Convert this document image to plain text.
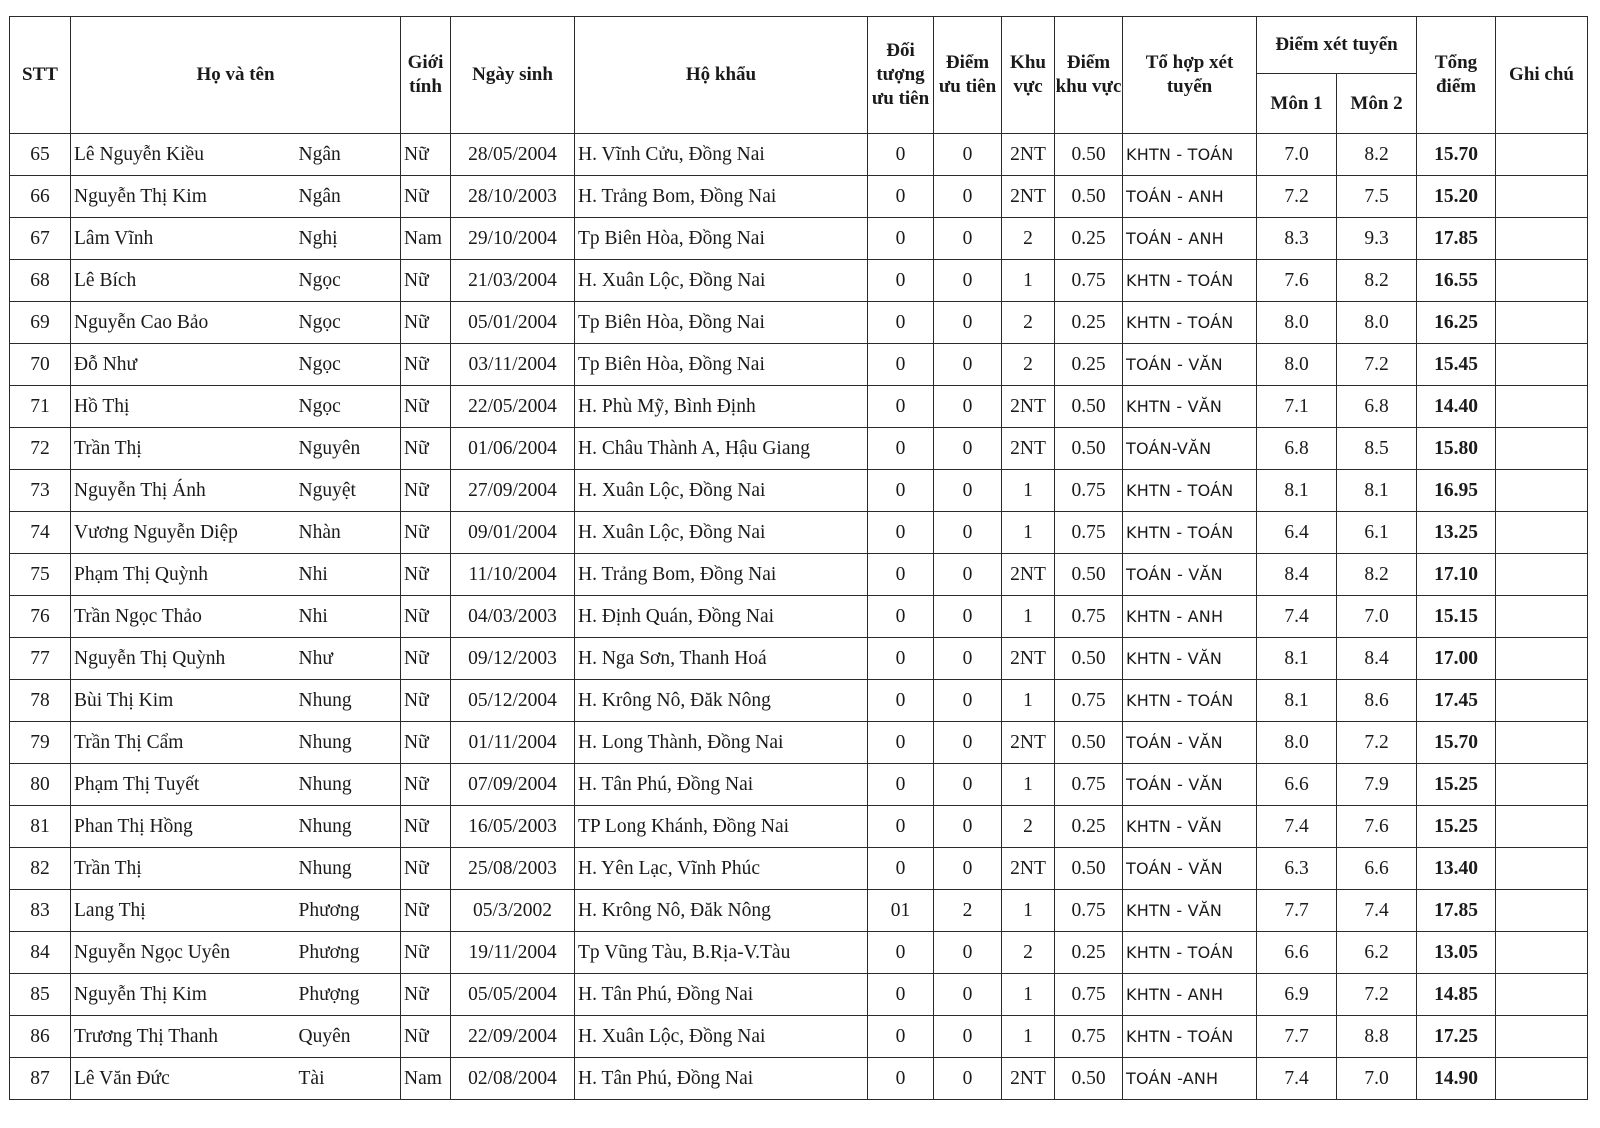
STT	Họ và tên		Giới tính	Ngày sinh	Hộ khẩu	Đối tượng ưu tiên	Điểm ưu tiên	Khu vực	Điểm khu vực	Tổ hợp xét tuyển	Điểm xét tuyển		Tổng điểm	Ghi chú
											Môn 1	Môn 2		
65	Lê Nguyễn Kiều	Ngân	Nữ	28/05/2004	H. Vĩnh Cửu, Đồng Nai	0	0	2NT	0.50	KHTN - TOÁN	7.0	8.2	15.70	
66	Nguyễn Thị Kim	Ngân	Nữ	28/10/2003	H. Trảng Bom, Đồng Nai	0	0	2NT	0.50	TOÁN - ANH	7.2	7.5	15.20	
67	Lâm Vĩnh	Nghị	Nam	29/10/2004	Tp Biên Hòa, Đồng Nai	0	0	2	0.25	TOÁN - ANH	8.3	9.3	17.85	
68	Lê Bích	Ngọc	Nữ	21/03/2004	H. Xuân Lộc, Đồng Nai	0	0	1	0.75	KHTN - TOÁN	7.6	8.2	16.55	
69	Nguyễn Cao Bảo	Ngọc	Nữ	05/01/2004	Tp Biên Hòa, Đồng Nai	0	0	2	0.25	KHTN - TOÁN	8.0	8.0	16.25	
70	Đỗ Như	Ngọc	Nữ	03/11/2004	Tp Biên Hòa, Đồng Nai	0	0	2	0.25	TOÁN - VĂN	8.0	7.2	15.45	
71	Hồ Thị	Ngọc	Nữ	22/05/2004	H. Phù Mỹ, Bình Định	0	0	2NT	0.50	KHTN - VĂN	7.1	6.8	14.40	
72	Trần Thị	Nguyên	Nữ	01/06/2004	H. Châu Thành A, Hậu Giang	0	0	2NT	0.50	TOÁN-VĂN	6.8	8.5	15.80	
73	Nguyễn Thị Ánh	Nguyệt	Nữ	27/09/2004	H. Xuân Lộc, Đồng Nai	0	0	1	0.75	KHTN - TOÁN	8.1	8.1	16.95	
74	Vương Nguyễn Diệp	Nhàn	Nữ	09/01/2004	H. Xuân Lộc, Đồng Nai	0	0	1	0.75	KHTN - TOÁN	6.4	6.1	13.25	
75	Phạm Thị Quỳnh	Nhi	Nữ	11/10/2004	H. Trảng Bom, Đồng Nai	0	0	2NT	0.50	TOÁN - VĂN	8.4	8.2	17.10	
76	Trần Ngọc Thảo	Nhi	Nữ	04/03/2003	H. Định Quán, Đồng Nai	0	0	1	0.75	KHTN - ANH	7.4	7.0	15.15	
77	Nguyễn Thị Quỳnh	Như	Nữ	09/12/2003	H. Nga Sơn, Thanh Hoá	0	0	2NT	0.50	KHTN - VĂN	8.1	8.4	17.00	
78	Bùi Thị Kim	Nhung	Nữ	05/12/2004	H. Krông Nô, Đăk Nông	0	0	1	0.75	KHTN - TOÁN	8.1	8.6	17.45	
79	Trần Thị Cẩm	Nhung	Nữ	01/11/2004	H. Long Thành, Đồng Nai	0	0	2NT	0.50	TOÁN - VĂN	8.0	7.2	15.70	
80	Phạm Thị Tuyết	Nhung	Nữ	07/09/2004	H. Tân Phú, Đồng Nai	0	0	1	0.75	TOÁN - VĂN	6.6	7.9	15.25	
81	Phan Thị Hồng	Nhung	Nữ	16/05/2003	TP Long Khánh, Đồng Nai	0	0	2	0.25	KHTN - VĂN	7.4	7.6	15.25	
82	Trần Thị	Nhung	Nữ	25/08/2003	H. Yên Lạc, Vĩnh Phúc	0	0	2NT	0.50	TOÁN - VĂN	6.3	6.6	13.40	
83	Lang Thị	Phương	Nữ	05/3/2002	H. Krông Nô, Đăk Nông	01	2	1	0.75	KHTN - VĂN	7.7	7.4	17.85	
84	Nguyễn Ngọc Uyên	Phương	Nữ	19/11/2004	Tp Vũng Tàu, B.Rịa-V.Tàu	0	0	2	0.25	KHTN - TOÁN	6.6	6.2	13.05	
85	Nguyễn Thị Kim	Phượng	Nữ	05/05/2004	H. Tân Phú, Đồng Nai	0	0	1	0.75	KHTN - ANH	6.9	7.2	14.85	
86	Trương Thị Thanh	Quyên	Nữ	22/09/2004	H. Xuân Lộc, Đồng Nai	0	0	1	0.75	KHTN - TOÁN	7.7	8.8	17.25	
87	Lê Văn Đức	Tài	Nam	02/08/2004	H. Tân Phú, Đồng Nai	0	0	2NT	0.50	TOÁN -ANH	7.4	7.0	14.90	
